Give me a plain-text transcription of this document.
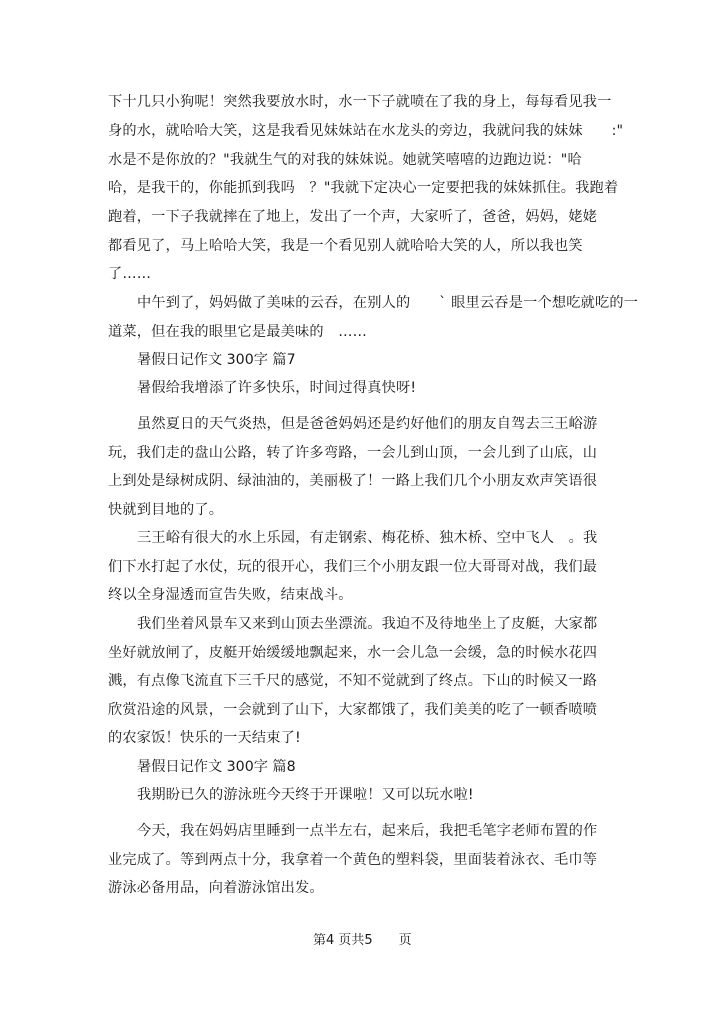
下十几只小狗呢！突然我要放水时，水一下子就喷在了我的身上，每每看见我一
身的水，就哈哈大笑，这是我看见妹妹站在水龙头的旁边，我就问我的妹妹　　:"
水是不是你放的？"我就生气的对我的妹妹说。她就笑嘻嘻的边跑边说："哈
哈，是我干的，你能抓到我吗　？"我就下定决心一定要把我的妹妹抓住。我跑着
跑着，一下子我就摔在了地上，发出了一个声，大家听了，爸爸，妈妈，姥姥
都看见了，马上哈哈大笑，我是一个看见别人就哈哈大笑的人，所以我也笑
了……
中午到了，妈妈做了美味的云吞，在别人的　　` 眼里云吞是一个想吃就吃的一
道菜，但在我的眼里它是最美味的　……
暑假日记作文 300字 篇7
暑假给我增添了许多快乐，时间过得真快呀!
虽然夏日的天气炎热，但是爸爸妈妈还是约好他们的朋友自驾去三王峪游
玩，我们走的盘山公路，转了许多弯路，一会儿到山顶，一会儿到了山底，山
上到处是绿树成阴、绿油油的，美丽极了！一路上我们几个小朋友欢声笑语很
快就到目地的了。
三王峪有很大的水上乐园，有走钢索、梅花桥、独木桥、空中飞人　。我
们下水打起了水仗，玩的很开心，我们三个小朋友跟一位大哥哥对战，我们最
终以全身湿透而宣告失败，结束战斗。
我们坐着风景车又来到山顶去坐漂流。我迫不及待地坐上了皮艇，大家都
坐好就放闸了，皮艇开始缓缓地飘起来，水一会儿急一会缓，急的时候水花四
溅，有点像飞流直下三千尺的感觉，不知不觉就到了终点。下山的时候又一路
欣赏沿途的风景，一会就到了山下，大家都饿了，我们美美的吃了一顿香喷喷
的农家饭！快乐的一天结束了!
暑假日记作文 300字 篇8
我期盼已久的游泳班今天终于开课啦！又可以玩水啦!
今天，我在妈妈店里睡到一点半左右，起来后，我把毛笔字老师布置的作
业完成了。等到两点十分，我拿着一个黄色的塑料袋，里面装着泳衣、毛巾等
游泳必备用品，向着游泳馆出发。
第4 页共5　　页
